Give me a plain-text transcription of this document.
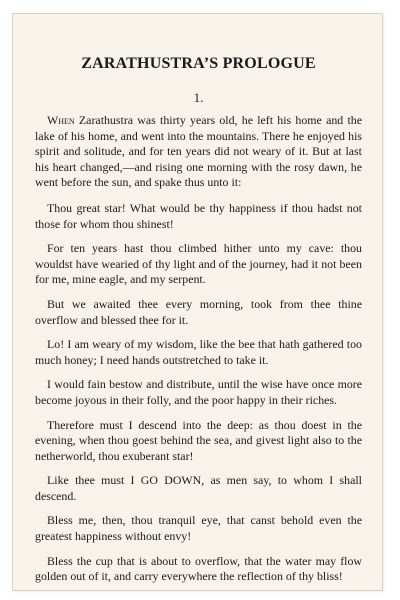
ZARATHUSTRA’S PROLOGUE
1.

When Zarathustra was thirty years old, he left his home and the lake of his home, and went into the mountains. There he enjoyed his spirit and solitude, and for ten years did not weary of it. But at last his heart changed,—and rising one morning with the rosy dawn, he went before the sun, and spake thus unto it:

Thou great star! What would be thy happiness if thou hadst not those for whom thou shinest!

For ten years hast thou climbed hither unto my cave: thou wouldst have wearied of thy light and of the journey, had it not been for me, mine eagle, and my serpent.

But we awaited thee every morning, took from thee thine overflow and blessed thee for it.

Lo! I am weary of my wisdom, like the bee that hath gathered too much honey; I need hands outstretched to take it.

I would fain bestow and distribute, until the wise have once more become joyous in their folly, and the poor happy in their riches.

Therefore must I descend into the deep: as thou doest in the evening, when thou goest behind the sea, and givest light also to the netherworld, thou exuberant star!

Like thee must I GO DOWN, as men say, to whom I shall descend.

Bless me, then, thou tranquil eye, that canst behold even the greatest happiness without envy!

Bless the cup that is about to overflow, that the water may flow golden out of it, and carry everywhere the reflection of thy bliss!
